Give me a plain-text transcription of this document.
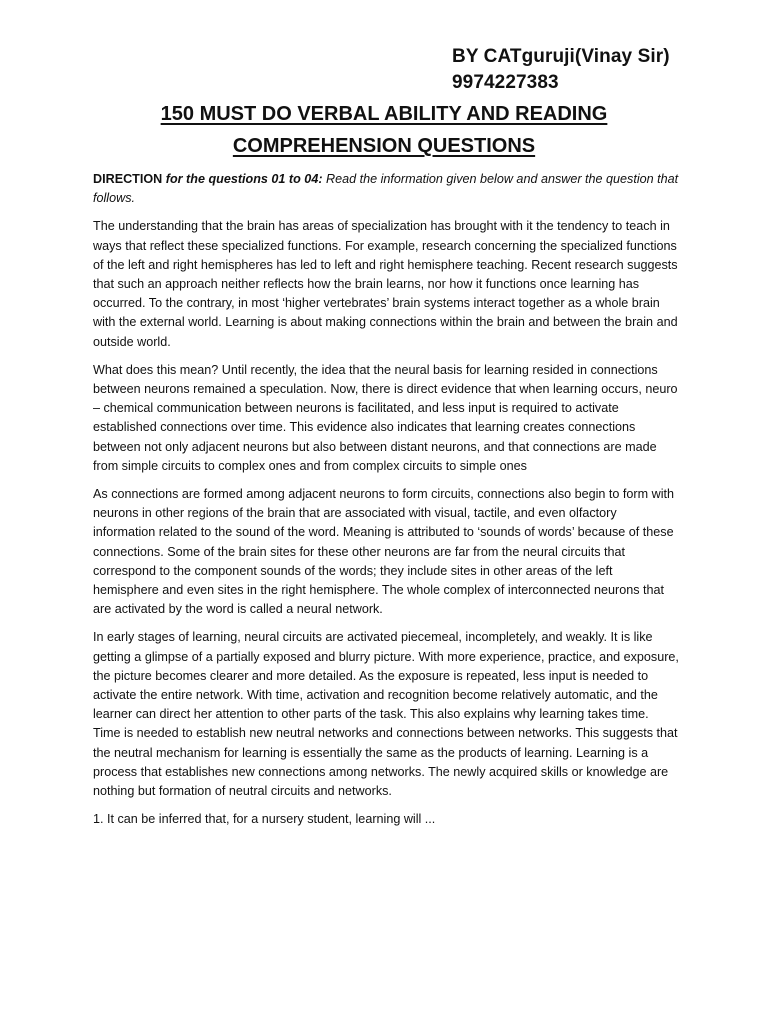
BY CATguruji(Vinay Sir)
9974227383
150 MUST DO VERBAL ABILITY AND READING
COMPREHENSION QUESTIONS
DIRECTION for the questions 01 to 04: Read the information given below and answer the question that follows.

The understanding that the brain has areas of specialization has brought with it the tendency to teach in ways that reflect these specialized functions. For example, research concerning the specialized functions of the left and right hemispheres has led to left and right hemisphere teaching. Recent research suggests that such an approach neither reflects how the brain learns, nor how it functions once learning has occurred. To the contrary, in most ‘higher vertebrates’ brain systems interact together as a whole brain with the external world. Learning is about making connections within the brain and between the brain and outside world.

What does this mean? Until recently, the idea that the neural basis for learning resided in connections between neurons remained a speculation. Now, there is direct evidence that when learning occurs, neuro – chemical communication between neurons is facilitated, and less input is required to activate established connections over time. This evidence also indicates that learning creates connections between not only adjacent neurons but also between distant neurons, and that connections are made from simple circuits to complex ones and from complex circuits to simple ones

As connections are formed among adjacent neurons to form circuits, connections also begin to form with neurons in other regions of the brain that are associated with visual, tactile, and even olfactory information related to the sound of the word. Meaning is attributed to ‘sounds of words’ because of these connections. Some of the brain sites for these other neurons are far from the neural circuits that correspond to the component sounds of the words; they include sites in other areas of the left hemisphere and even sites in the right hemisphere. The whole complex of interconnected neurons that are activated by the word is called a neural network.

In early stages of learning, neural circuits are activated piecemeal, incompletely, and weakly. It is like getting a glimpse of a partially exposed and blurry picture. With more experience, practice, and exposure, the picture becomes clearer and more detailed. As the exposure is repeated, less input is needed to activate the entire network. With time, activation and recognition become relatively automatic, and the learner can direct her attention to other parts of the task. This also explains why learning takes time. Time is needed to establish new neutral networks and connections between networks. This suggests that the neutral mechanism for learning is essentially the same as the products of learning. Learning is a process that establishes new connections among networks. The newly acquired skills or knowledge are nothing but formation of neutral circuits and networks.

1. It can be inferred that, for a nursery student, learning will ...
